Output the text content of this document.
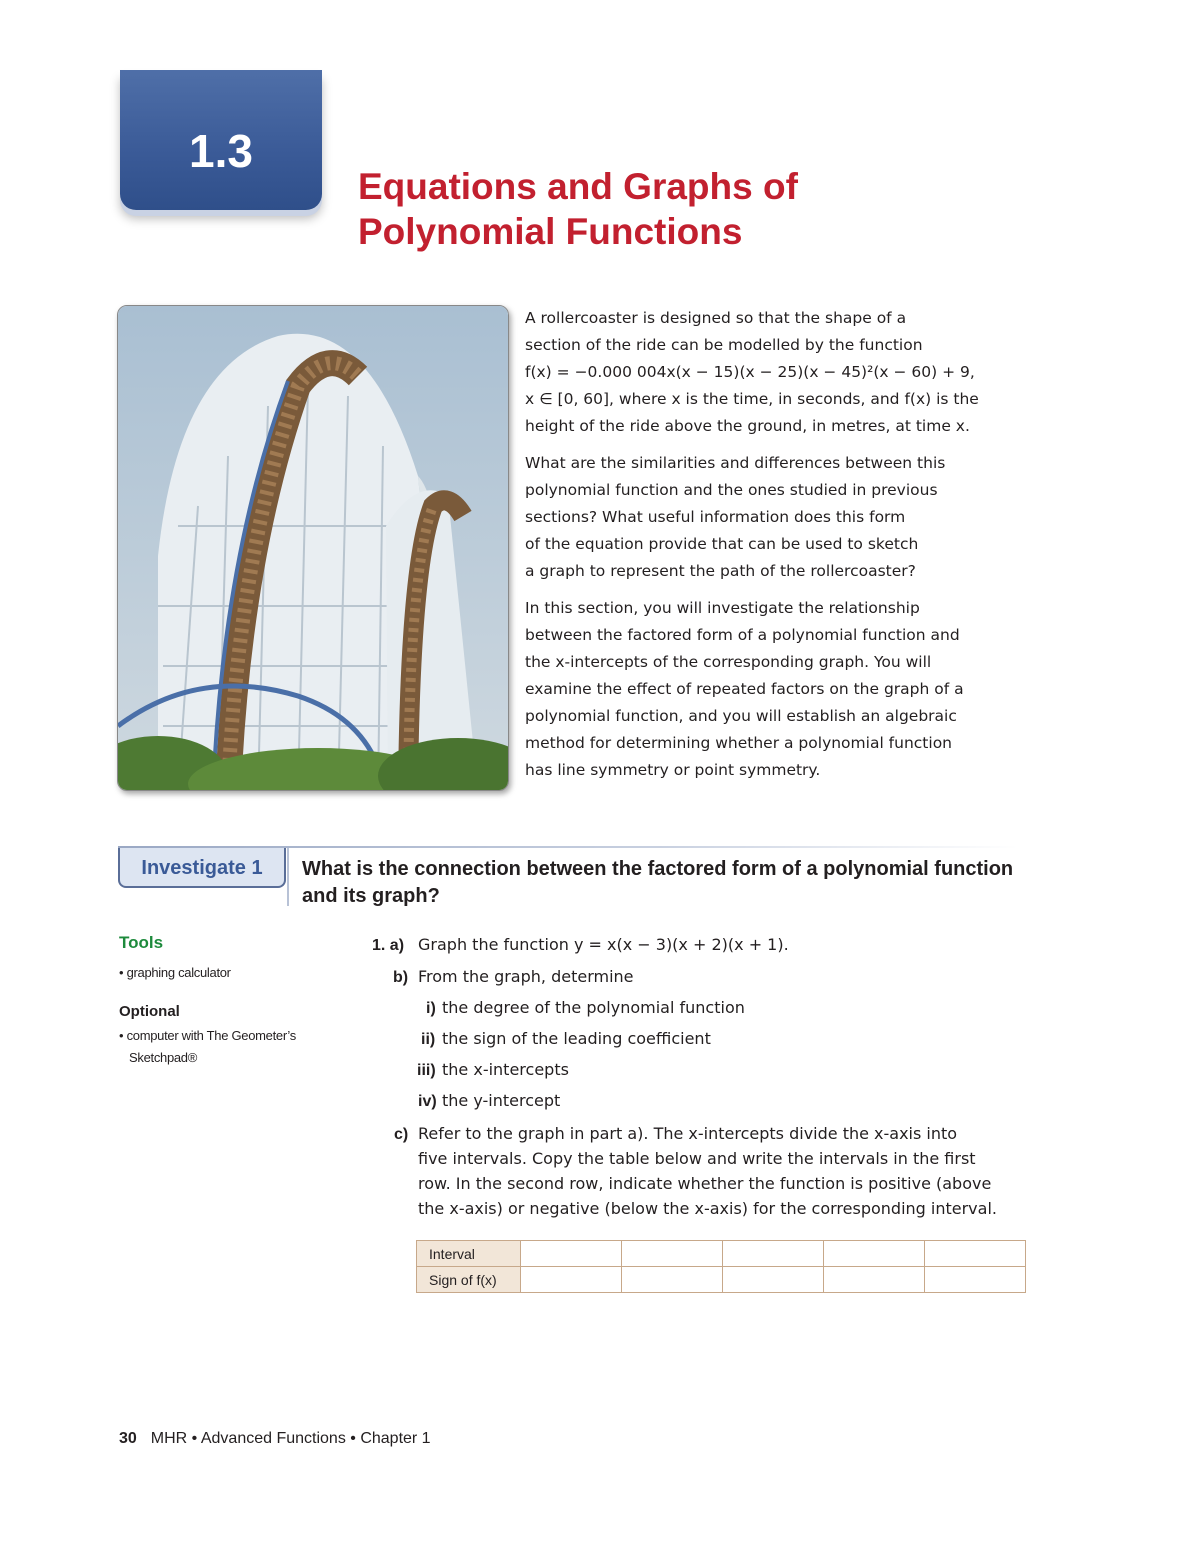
1.3
Equations and Graphs of Polynomial Functions

A rollercoaster is designed so that the shape of a
section of the ride can be modelled by the function
f(x) = −0.000 004x(x − 15)(x − 25)(x − 45)²(x − 60) + 9,
x ∈ [0, 60], where x is the time, in seconds, and f(x) is the
height of the ride above the ground, in metres, at time x.

What are the similarities and differences between this
polynomial function and the ones studied in previous
sections? What useful information does this form
of the equation provide that can be used to sketch
a graph to represent the path of the rollercoaster?

In this section, you will investigate the relationship
between the factored form of a polynomial function and
the x-intercepts of the corresponding graph. You will
examine the effect of repeated factors on the graph of a
polynomial function, and you will establish an algebraic
method for determining whether a polynomial function
has line symmetry or point symmetry.

Investigate 1	What is the connection between the factored form of a polynomial function and its graph?
Tools
• graphing calculator
Optional
• computer with The Geometer’s
Sketchpad®
1. a) Graph the function y = x(x − 3)(x + 2)(x + 1).
b) From the graph, determine
i) the degree of the polynomial function
ii) the sign of the leading coefficient
iii) the x-intercepts
iv) the y-intercept
c) Refer to the graph in part a). The x-intercepts divide the x-axis into
five intervals. Copy the table below and write the intervals in the first
row. In the second row, indicate whether the function is positive (above
the x-axis) or negative (below the x-axis) for the corresponding interval.
Interval					
Sign of f(x)					
30 MHR • Advanced Functions • Chapter 1
